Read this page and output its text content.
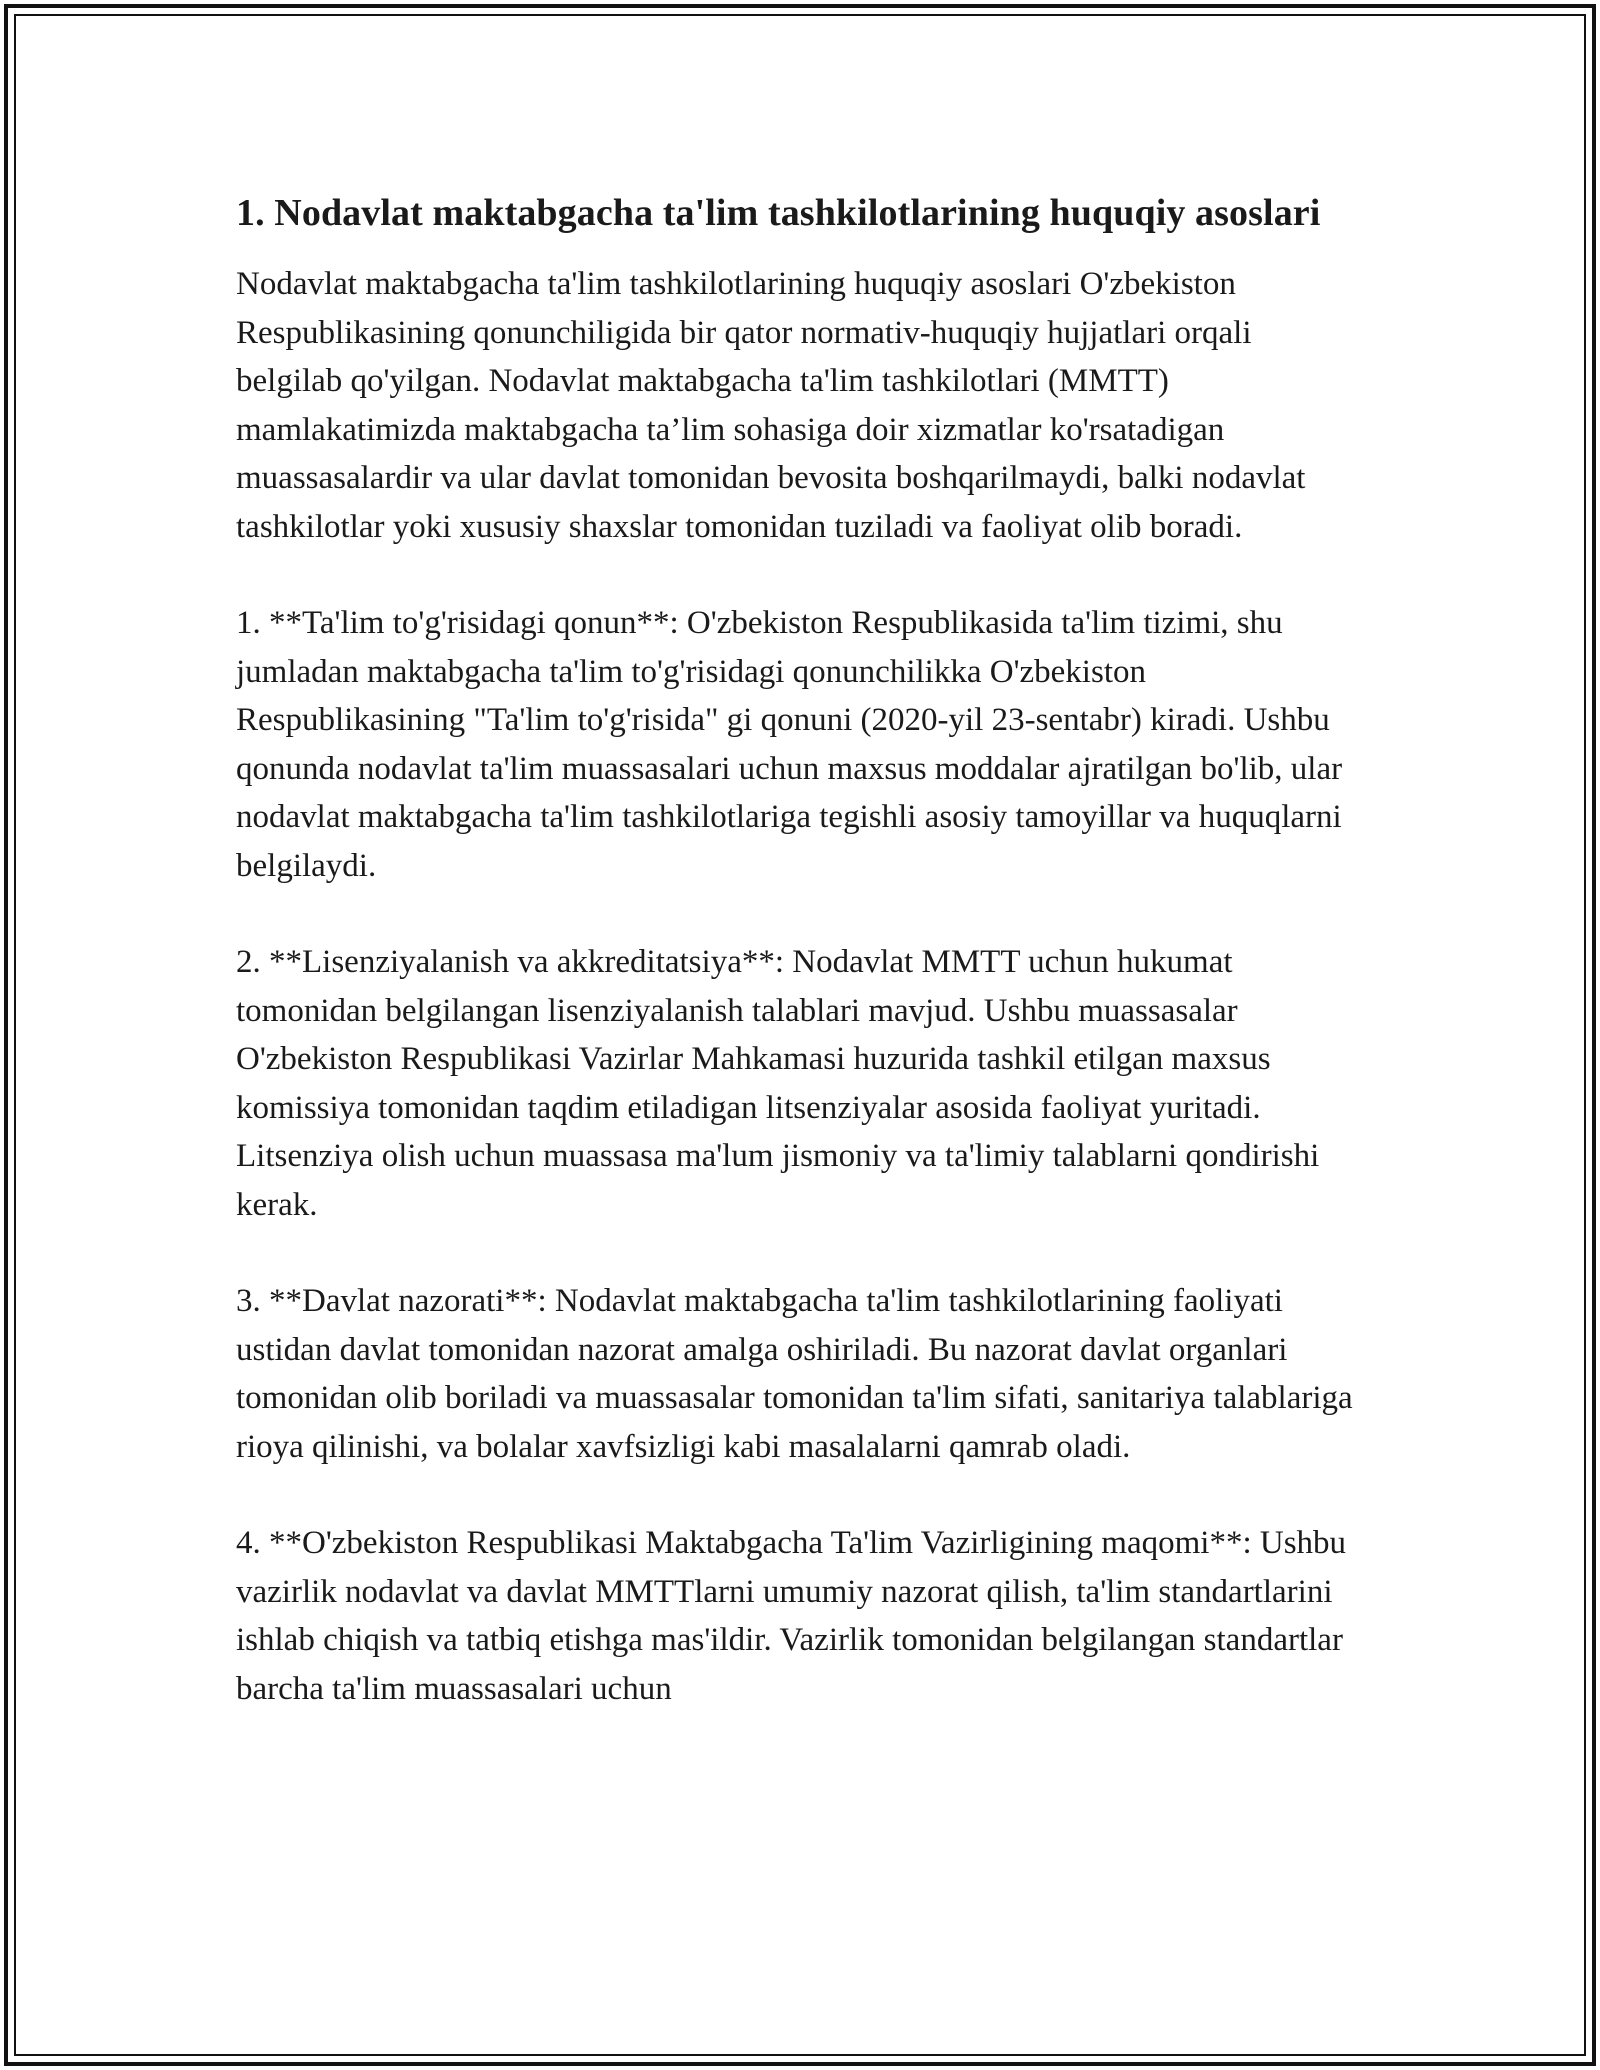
1. Nodavlat maktabgacha ta'lim tashkilotlarining huquqiy asoslari

Nodavlat maktabgacha ta'lim tashkilotlarining huquqiy asoslari O'zbekiston Respublikasining qonunchiligida bir qator normativ-huquqiy hujjatlari orqali belgilab qo'yilgan. Nodavlat maktabgacha ta'lim tashkilotlari (MMTT) mamlakatimizda maktabgacha ta’lim sohasiga doir xizmatlar ko'rsatadigan muassasalardir va ular davlat tomonidan bevosita boshqarilmaydi, balki nodavlat tashkilotlar yoki xususiy shaxslar tomonidan tuziladi va faoliyat olib boradi.

1. **Ta'lim to'g'risidagi qonun**: O'zbekiston Respublikasida ta'lim tizimi, shu jumladan maktabgacha ta'lim to'g'risidagi qonunchilikka O'zbekiston Respublikasining "Ta'lim to'g'risida" gi qonuni (2020-yil 23-sentabr) kiradi. Ushbu qonunda nodavlat ta'lim muassasalari uchun maxsus moddalar ajratilgan bo'lib, ular nodavlat maktabgacha ta'lim tashkilotlariga tegishli asosiy tamoyillar va huquqlarni belgilaydi.

2. **Lisenziyalanish va akkreditatsiya**: Nodavlat MMTT uchun hukumat tomonidan belgilangan lisenziyalanish talablari mavjud. Ushbu muassasalar O'zbekiston Respublikasi Vazirlar Mahkamasi huzurida tashkil etilgan maxsus komissiya tomonidan taqdim etiladigan litsenziyalar asosida faoliyat yuritadi. Litsenziya olish uchun muassasa ma'lum jismoniy va ta'limiy talablarni qondirishi kerak.

3. **Davlat nazorati**: Nodavlat maktabgacha ta'lim tashkilotlarining faoliyati ustidan davlat tomonidan nazorat amalga oshiriladi. Bu nazorat davlat organlari tomonidan olib boriladi va muassasalar tomonidan ta'lim sifati, sanitariya talablariga rioya qilinishi, va bolalar xavfsizligi kabi masalalarni qamrab oladi.

4. **O'zbekiston Respublikasi Maktabgacha Ta'lim Vazirligining maqomi**: Ushbu vazirlik nodavlat va davlat MMTTlarni umumiy nazorat qilish, ta'lim standartlarini ishlab chiqish va tatbiq etishga mas'ildir. Vazirlik tomonidan belgilangan standartlar barcha ta'lim muassasalari uchun
